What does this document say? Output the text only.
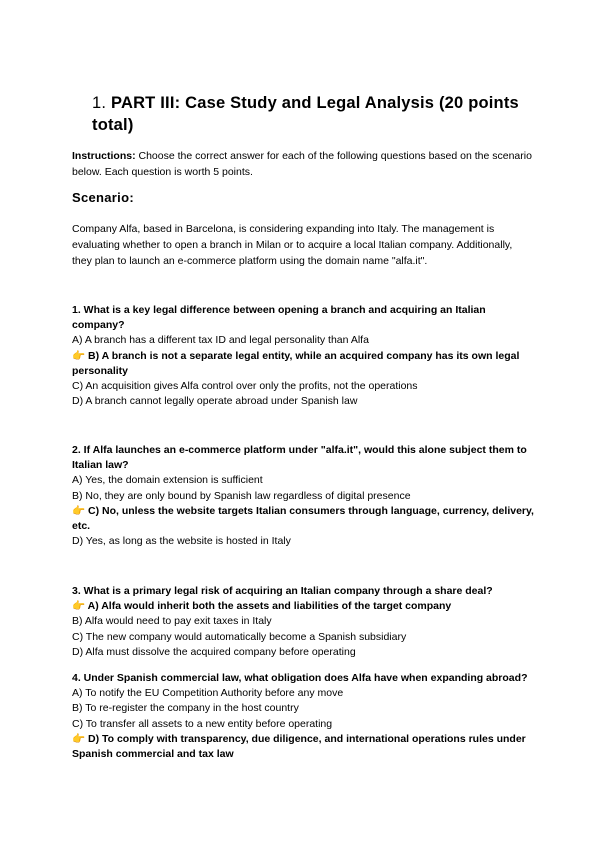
1. PART III: Case Study and Legal Analysis (20 points total)
Instructions: Choose the correct answer for each of the following questions based on the scenario below. Each question is worth 5 points.
Scenario:
Company Alfa, based in Barcelona, is considering expanding into Italy. The management is evaluating whether to open a branch in Milan or to acquire a local Italian company. Additionally, they plan to launch an e-commerce platform using the domain name "alfa.it".
1. What is a key legal difference between opening a branch and acquiring an Italian company?
A) A branch has a different tax ID and legal personality than Alfa
👉 B) A branch is not a separate legal entity, while an acquired company has its own legal personality
C) An acquisition gives Alfa control over only the profits, not the operations
D) A branch cannot legally operate abroad under Spanish law
2. If Alfa launches an e-commerce platform under "alfa.it", would this alone subject them to Italian law?
A) Yes, the domain extension is sufficient
B) No, they are only bound by Spanish law regardless of digital presence
👉 C) No, unless the website targets Italian consumers through language, currency, delivery, etc.
D) Yes, as long as the website is hosted in Italy
3. What is a primary legal risk of acquiring an Italian company through a share deal?
👉 A) Alfa would inherit both the assets and liabilities of the target company
B) Alfa would need to pay exit taxes in Italy
C) The new company would automatically become a Spanish subsidiary
D) Alfa must dissolve the acquired company before operating
4. Under Spanish commercial law, what obligation does Alfa have when expanding abroad?
A) To notify the EU Competition Authority before any move
B) To re-register the company in the host country
C) To transfer all assets to a new entity before operating
👉 D) To comply with transparency, due diligence, and international operations rules under Spanish commercial and tax law
